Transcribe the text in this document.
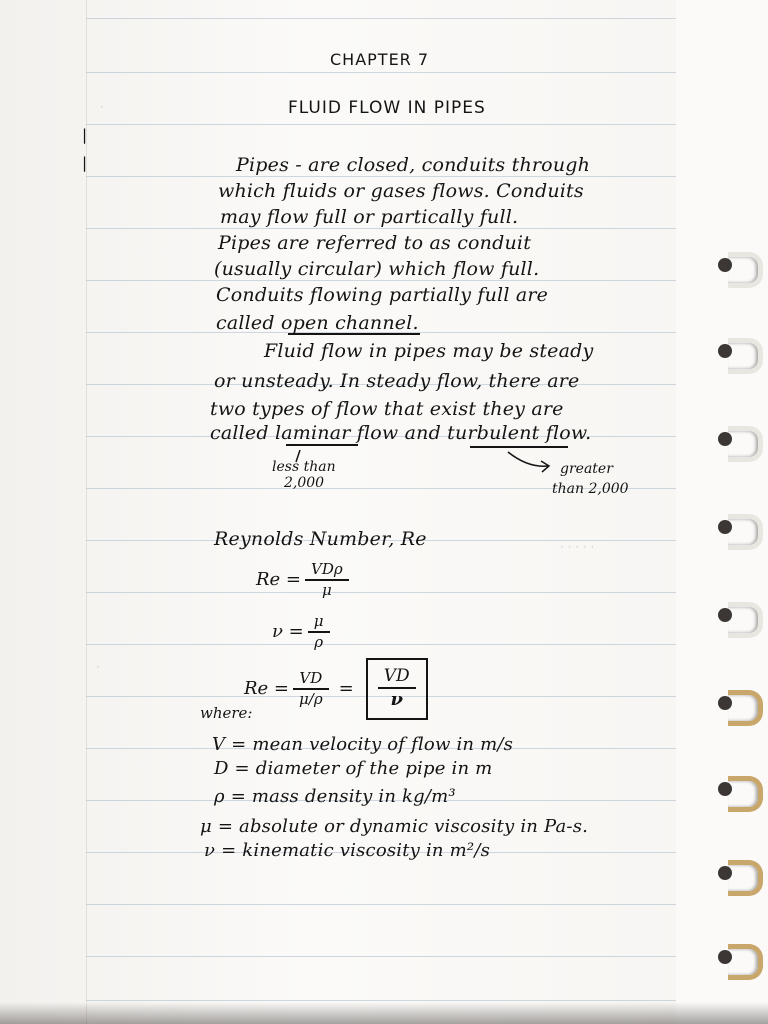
|
|
CHAPTER 7
FLUID FLOW IN PIPES
Pipes - are closed, conduits through
which fluids or gases flows. Conduits
may flow full or partically full.
Pipes are referred to as conduit
(usually circular) which flow full.
Conduits flowing partially full are
called open channel.
Fluid flow in pipes may be steady
or unsteady. In steady flow, there are
two types of flow that exist they are
called laminar flow and turbulent flow.
less than
2,000
greater
than 2,000
Reynolds Number, Re
$Re = \frac{\text{VDρ}}{\mu}$
$\nu = \frac{\mu}{\rho}$
$Re = \frac{VD}{\mu/\rho} = \frac{VD}{\nu}$
where:
V = mean velocity of flow in m/s
D = diameter of the pipe in m
ρ = mass density in kg/m³
μ = absolute or dynamic viscosity in Pa-s.
ν = kinematic viscosity in m²/s
· · · · ·
·
·
